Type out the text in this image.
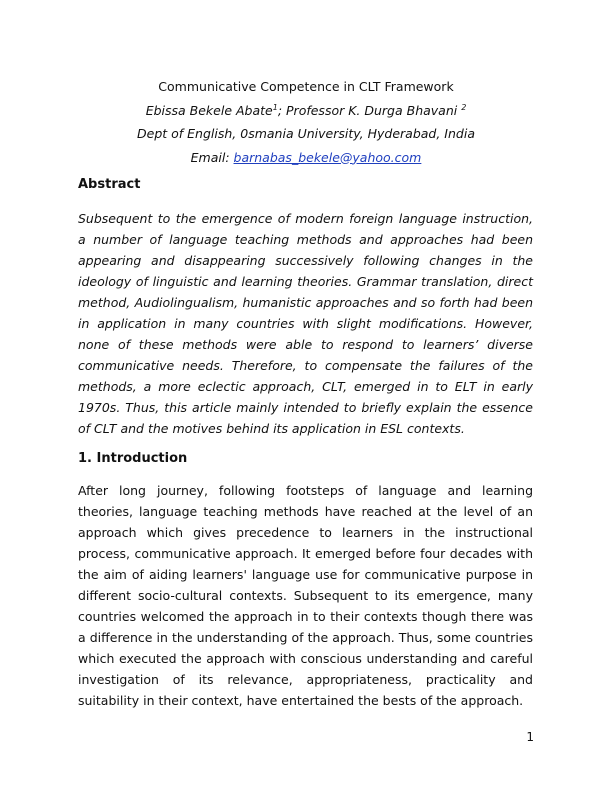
Communicative Competence in CLT Framework
Ebissa Bekele Abate$^1$; Professor K. Durga Bhavani $^2$
Dept of English, 0smania University, Hyderabad, India
Email: barnabas_bekele@yahoo.com
Abstract

Subsequent to the emergence of modern foreign language instruction, a number of language teaching methods and approaches had been appearing and disappearing successively following changes in the ideology of linguistic and learning theories. Grammar translation, direct method, Audiolingualism, humanistic approaches and so forth had been in application in many countries with slight modifications. However, none of these methods were able to respond to learners’ diverse communicative needs. Therefore, to compensate the failures of the methods, a more eclectic approach, CLT, emerged in to ELT in early 1970s. Thus, this article mainly intended to briefly explain the essence of CLT and the motives behind its application in ESL contexts.

1. Introduction

After long journey, following footsteps of language and learning theories, language teaching methods have reached at the level of an approach which gives precedence to learners in the instructional process, communicative approach. It emerged before four decades with the aim of aiding learners' language use for communicative purpose in different socio-cultural contexts. Subsequent to its emergence, many countries welcomed the approach in to their contexts though there was a difference in the understanding of the approach. Thus, some countries which executed the approach with conscious understanding and careful investigation of its relevance, appropriateness, practicality and suitability in their context, have entertained the bests of the approach.

1
